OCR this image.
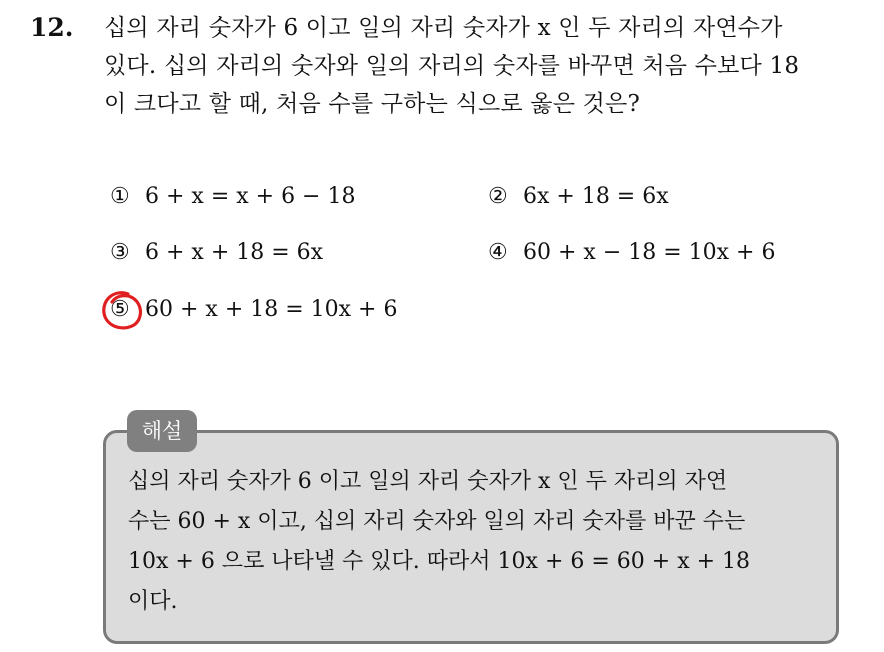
12. 십의 자리 숫자가 6 이고 일의 자리 숫자가 x 인 두 자리의 자연수가
있다. 십의 자리의 숫자와 일의 자리의 숫자를 바꾸면 처음 수보다 18
이 크다고 할 때, 처음 수를 구하는 식으로 옳은 것은?
① 6 + x = x + 6 − 18	② 6x + 18 = 6x
③ 6 + x + 18 = 6x	④ 60 + x − 18 = 10x + 6
⑤ 60 + x + 18 = 10x + 6
해설
십의 자리 숫자가 6 이고 일의 자리 숫자가 x 인 두 자리의 자연
수는 60 + x 이고, 십의 자리 숫자와 일의 자리 숫자를 바꾼 수는
10x + 6 으로 나타낼 수 있다. 따라서 10x + 6 = 60 + x + 18
이다.
